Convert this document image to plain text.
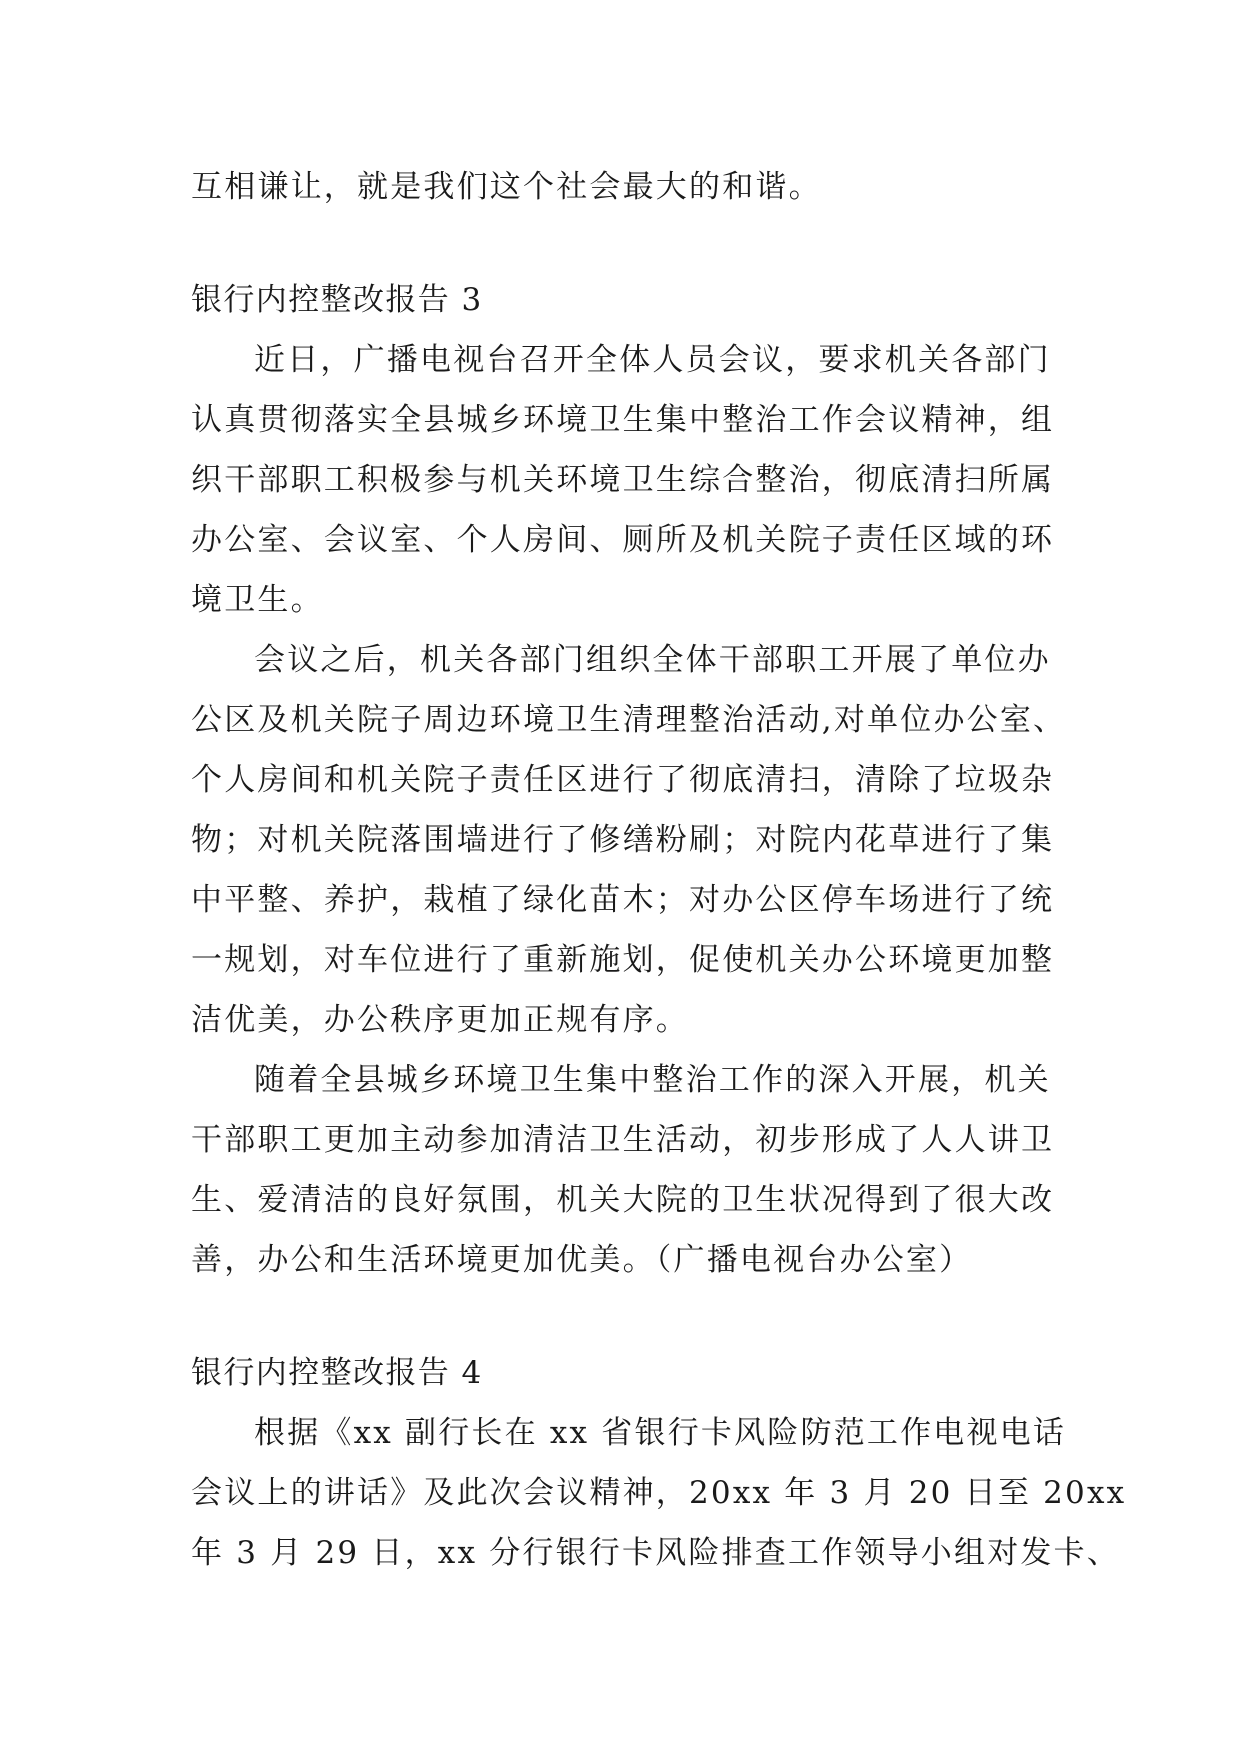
互相谦让，就是我们这个社会最大的和谐。
银行内控整改报告 3
近日，广播电视台召开全体人员会议，要求机关各部门
认真贯彻落实全县城乡环境卫生集中整治工作会议精神，组
织干部职工积极参与机关环境卫生综合整治，彻底清扫所属
办公室、会议室、个人房间、厕所及机关院子责任区域的环
境卫生。
会议之后，机关各部门组织全体干部职工开展了单位办
公区及机关院子周边环境卫生清理整治活动,对单位办公室、
个人房间和机关院子责任区进行了彻底清扫，清除了垃圾杂
物；对机关院落围墙进行了修缮粉刷；对院内花草进行了集
中平整、养护，栽植了绿化苗木；对办公区停车场进行了统
一规划，对车位进行了重新施划，促使机关办公环境更加整
洁优美，办公秩序更加正规有序。
随着全县城乡环境卫生集中整治工作的深入开展，机关
干部职工更加主动参加清洁卫生活动，初步形成了人人讲卫
生、爱清洁的良好氛围，机关大院的卫生状况得到了很大改
善，办公和生活环境更加优美。（广播电视台办公室）
银行内控整改报告 4
根据《xx 副行长在 xx 省银行卡风险防范工作电视电话
会议上的讲话》及此次会议精神，20xx 年 3 月 20 日至 20xx
年 3 月 29 日，xx 分行银行卡风险排查工作领导小组对发卡、
